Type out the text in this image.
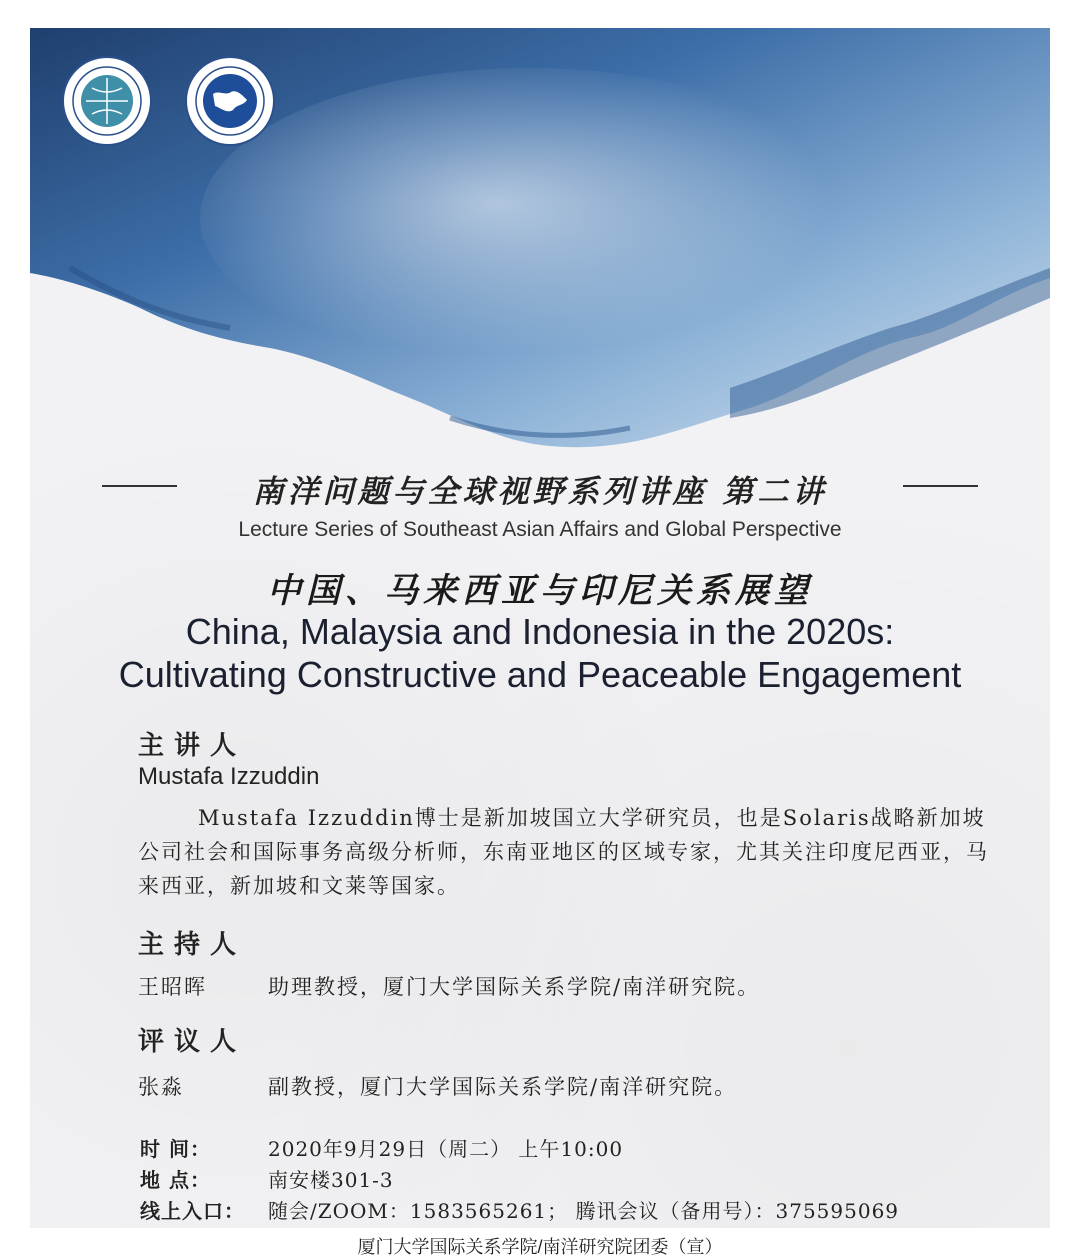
南洋问题与全球视野系列讲座 第二讲
Lecture Series of Southeast Asian Affairs and Global Perspective
中国、马来西亚与印尼关系展望
China, Malaysia and Indonesia in the 2020s:
Cultivating Constructive and Peaceable Engagement
主讲人
Mustafa Izzuddin
Mustafa Izzuddin博士是新加坡国立大学研究员，也是Solaris战略新加坡公司社会和国际事务高级分析师，东南亚地区的区域专家，尤其关注印度尼西亚，马来西亚，新加坡和文莱等国家。
主持人
王昭晖	助理教授，厦门大学国际关系学院/南洋研究院。
评议人
张淼	副教授，厦门大学国际关系学院/南洋研究院。
时 间：	2020年9月29日（周二） 上午10:00
地 点：	南安楼301-3
线上入口： 随会/ZOOM：1583565261； 腾讯会议（备用号）：375595069
厦门大学国际关系学院/南洋研究院团委（宣）
